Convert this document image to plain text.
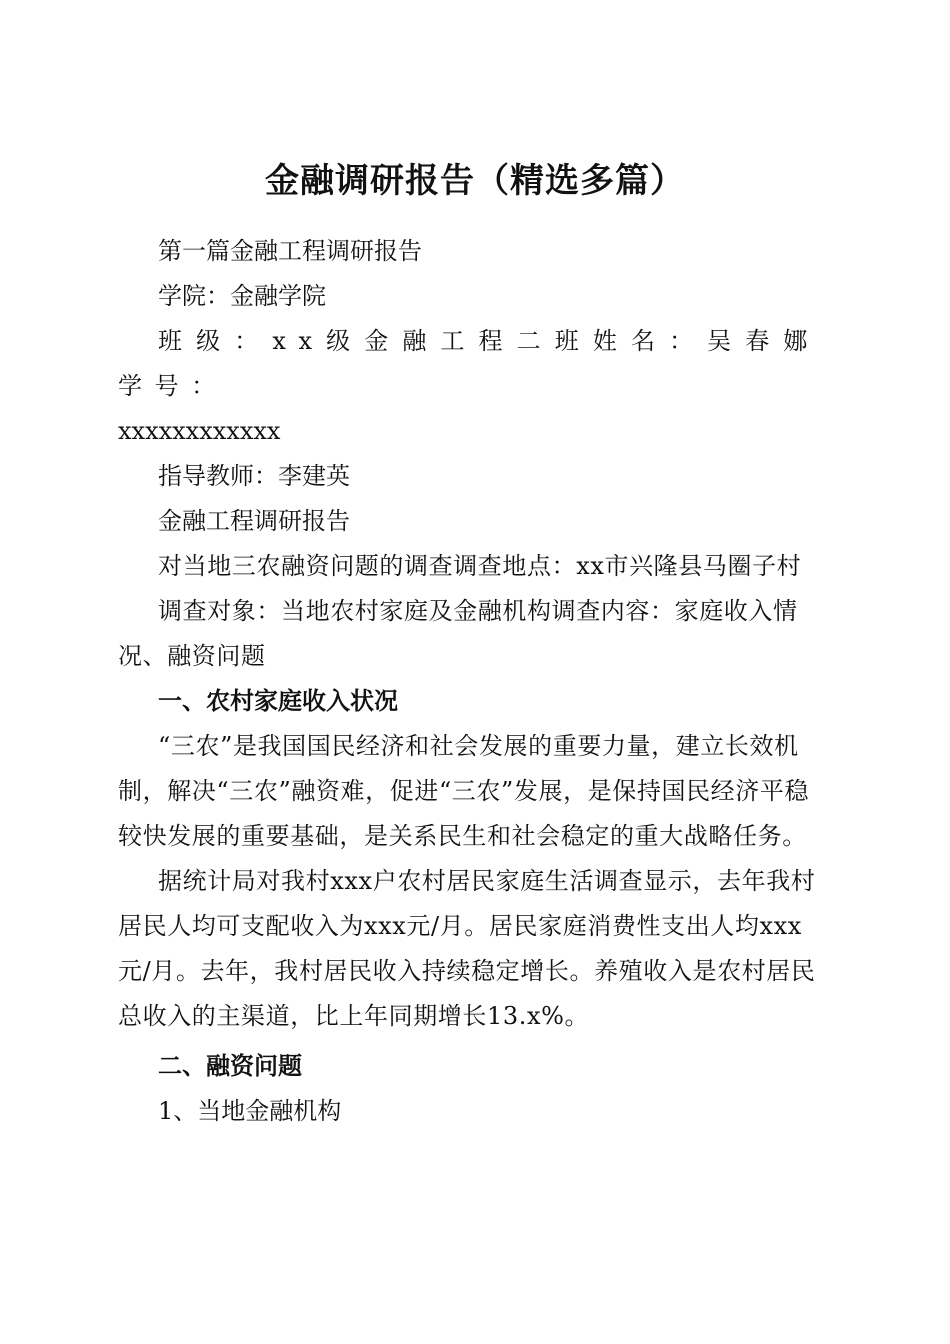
金融调研报告（精选多篇）

第一篇金融工程调研报告

学院：金融学院

班级：xx级金融工程二班姓名：吴春娜学号：

xxxxxxxxxxxx

指导教师：李建英

金融工程调研报告

对当地三农融资问题的调查调查地点：xx市兴隆县马圈子村

调查对象：当地农村家庭及金融机构调查内容：家庭收入情况、融资问题

一、农村家庭收入状况

“三农”是我国国民经济和社会发展的重要力量，建立长效机制，解决“三农”融资难，促进“三农”发展，是保持国民经济平稳较快发展的重要基础，是关系民生和社会稳定的重大战略任务。

据统计局对我村xxx户农村居民家庭生活调查显示，去年我村居民人均可支配收入为xxx元/月。居民家庭消费性支出人均xxx元/月。去年，我村居民收入持续稳定增长。养殖收入是农村居民总收入的主渠道，比上年同期增长13.x%。

二、融资问题

1、当地金融机构
